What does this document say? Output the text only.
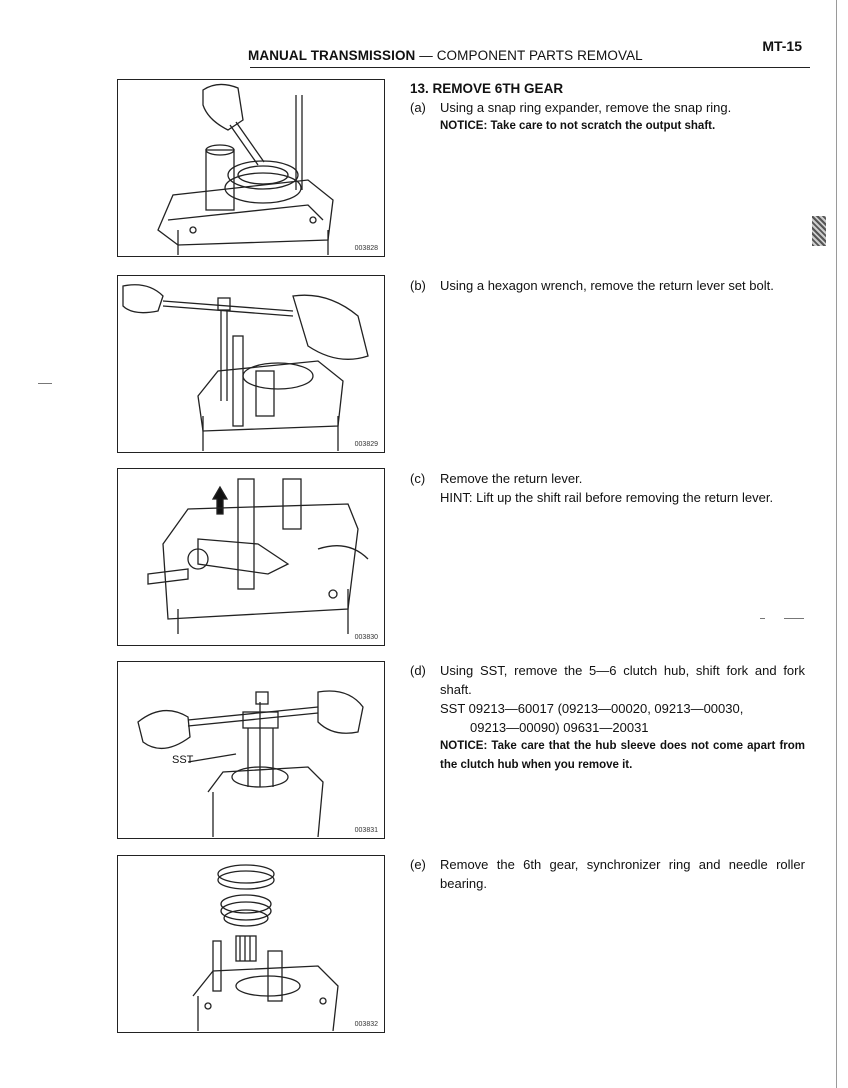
MANUAL TRANSMISSION — COMPONENT PARTS REMOVAL
MT-15
003828
003829
003830
SST
003831
003832
13. REMOVE 6TH GEAR
(a) Using a snap ring expander, remove the snap ring.
NOTICE: Take care to not scratch the output shaft.
(b) Using a hexagon wrench, remove the return lever set bolt.
(c) Remove the return lever.
HINT: Lift up the shift rail before removing the return lever.
(d) Using SST, remove the 5—6 clutch hub, shift fork and fork shaft.
SST 09213—60017 (09213—00020, 09213—00030,
09213—00090) 09631—20031
NOTICE: Take care that the hub sleeve does not come apart from the clutch hub when you remove it.
(e) Remove the 6th gear, synchronizer ring and needle roller bearing.
